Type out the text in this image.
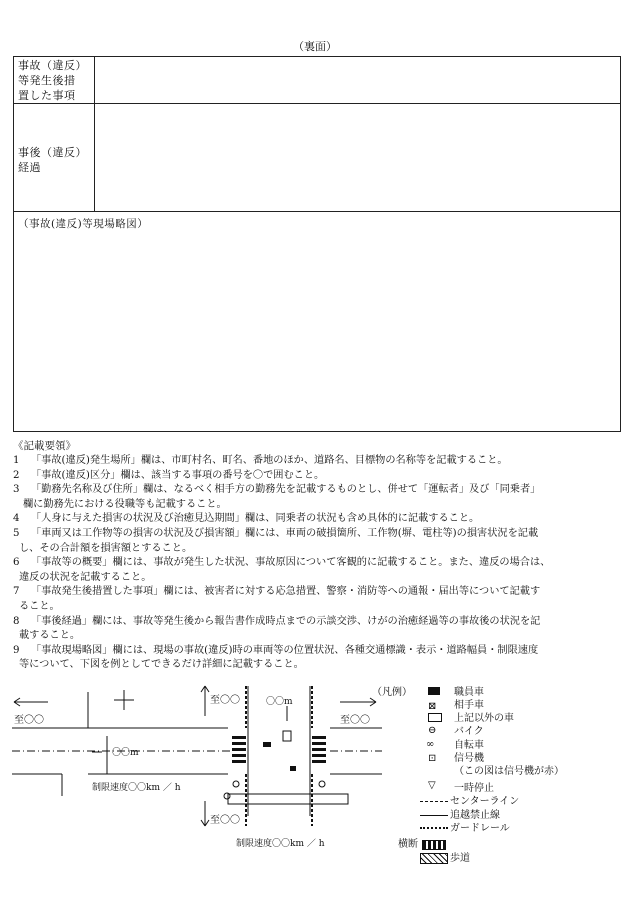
（裏面）
事故（違反）
等発生後措
置した事項
事後（違反）
経過
（事故(違反)等現場略図）
《記載要領》
1 「事故(違反)発生場所」欄は、市町村名、町名、番地のほか、道路名、目標物の名称等を記載すること。
2 「事故(違反)区分」欄は、該当する事項の番号を〇で囲むこと。
3 「勤務先名称及び住所」欄は、なるべく相手方の勤務先を記載するものとし、併せて「運転者」及び「同乗者」
欄に勤務先における役職等も記載すること。
4 「人身に与えた損害の状況及び治癒見込期間」欄は、同乗者の状況も含め具体的に記載すること。
5 「車両又は工作物等の損害の状況及び損害額」欄には、車両の破損箇所、工作物(塀、電柱等)の損害状況を記載
し、その合計額を損害額とすること。
6 「事故等の概要」欄には、事故が発生した状況、事故原因について客観的に記載すること。また、違反の場合は、
違反の状況を記載すること。
7 「事故発生後措置した事項」欄には、被害者に対する応急措置、警察・消防等への通報・届出等について記載す
ること。
8 「事後経過」欄には、事故等発生後から報告書作成時点までの示談交渉、けがの治癒経過等の事故後の状況を記
載すること。
9 「事故現場略図」欄には、現場の事故(違反)時の車両等の位置状況、各種交通標識・表示・道路幅員・制限速度
等について、下図を例としてできるだけ詳細に記載すること。
至〇〇
至〇〇
至〇〇
至〇〇
〇〇m
〇〇m
制限速度〇〇km ／ h
制限速度〇〇km ／ h
（凡例）	職員車
⊠ 相手車
上記以外の車
⊖ バイク
∞ 自転車
⊡ 信号機
（この図は信号機が赤）
▽ 一時停止
センターライン
追越禁止線
ガードレール
横断
歩道
